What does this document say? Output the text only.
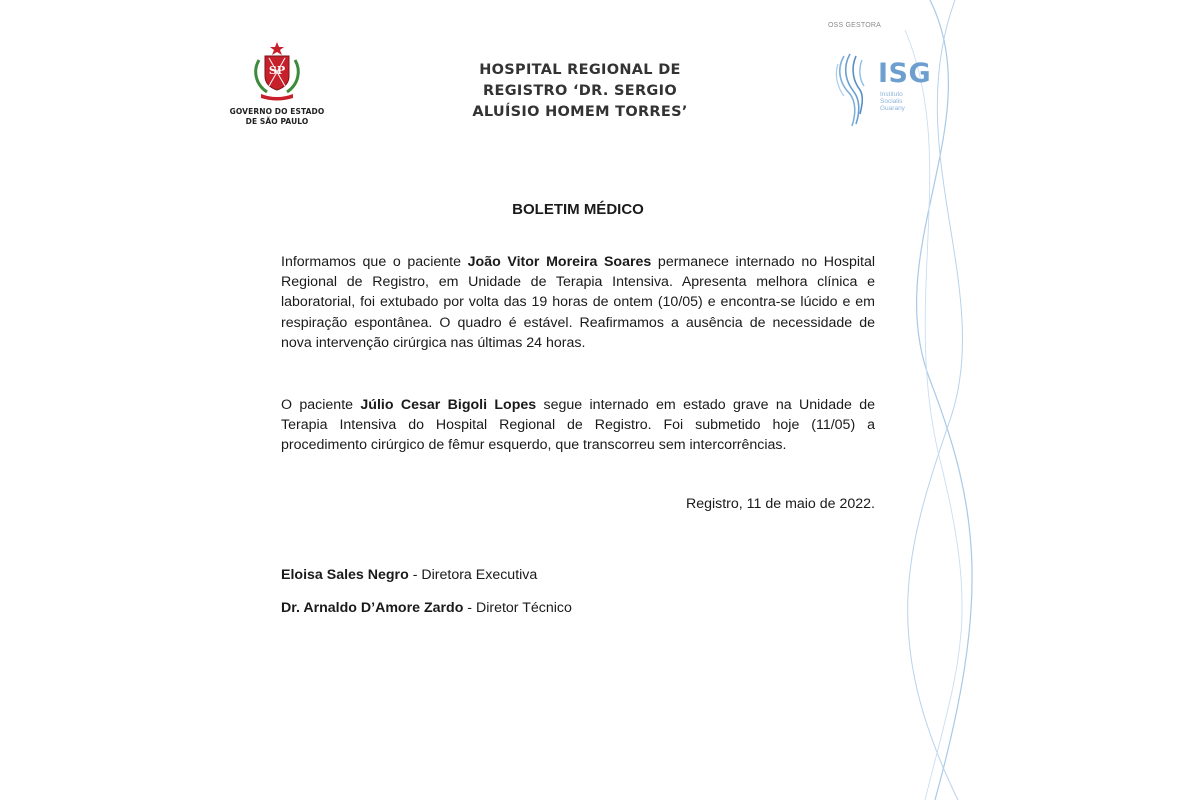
SP
GOVERNO DO ESTADO
DE SÃO PAULO
HOSPITAL REGIONAL DE
REGISTRO ‘DR. SERGIO
ALUÍSIO HOMEM TORRES’
OSS GESTORA
ISG
Instituto
Socialis
Guarany
BOLETIM MÉDICO

Informamos que o paciente João Vitor Moreira Soares permanece internado no Hospital Regional de Registro, em Unidade de Terapia Intensiva. Apresenta melhora clínica e laboratorial, foi extubado por volta das 19 horas de ontem (10/05) e encontra-se lúcido e em respiração espontânea. O quadro é estável. Reafirmamos a ausência de necessidade de nova intervenção cirúrgica nas últimas 24 horas.

O paciente Júlio Cesar Bigoli Lopes segue internado em estado grave na Unidade de Terapia Intensiva do Hospital Regional de Registro. Foi submetido hoje (11/05) a procedimento cirúrgico de fêmur esquerdo, que transcorreu sem intercorrências.

Registro, 11 de maio de 2022.
Eloisa Sales Negro - Diretora Executiva
Dr. Arnaldo D’Amore Zardo - Diretor Técnico
